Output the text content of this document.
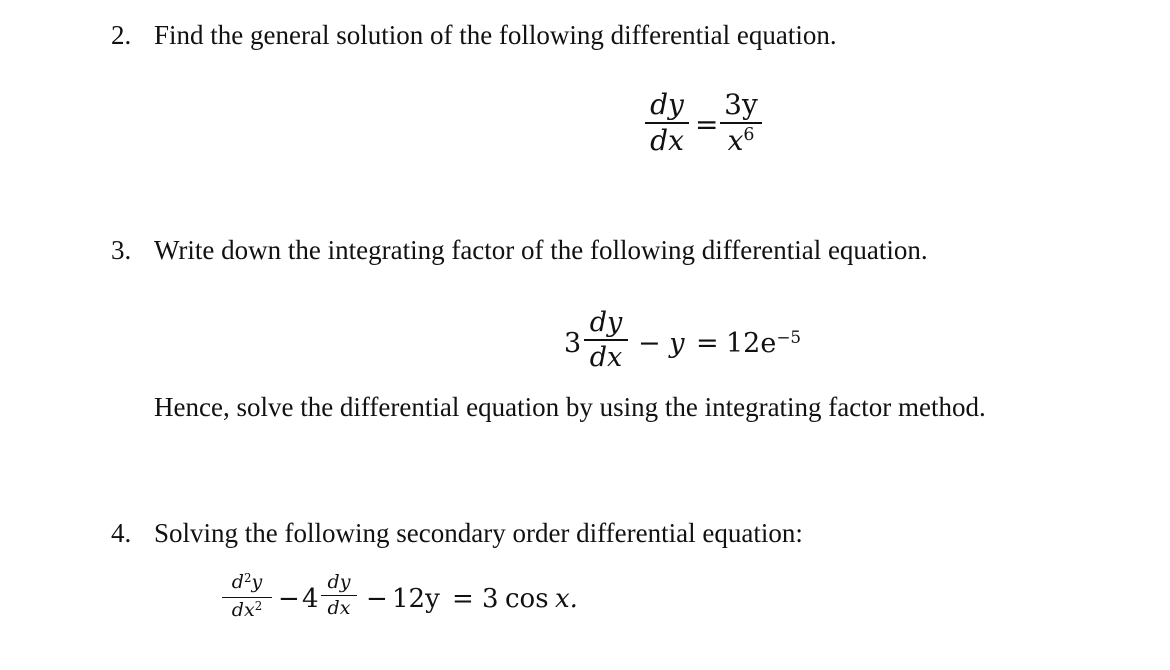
2. Find the general solution of the following differential equation.
dy
dx =
3y
$x^6$
3. Write down the integrating factor of the following differential equation.
3
dy
dx − $y = 12e^{-5}$
Hence, solve the differential equation by using the integrating factor method.
4. Solving the following secondary order differential equation:
$d^2y$
$dx^2 - 4$
dy
dx − 12y = 3 cos x.
